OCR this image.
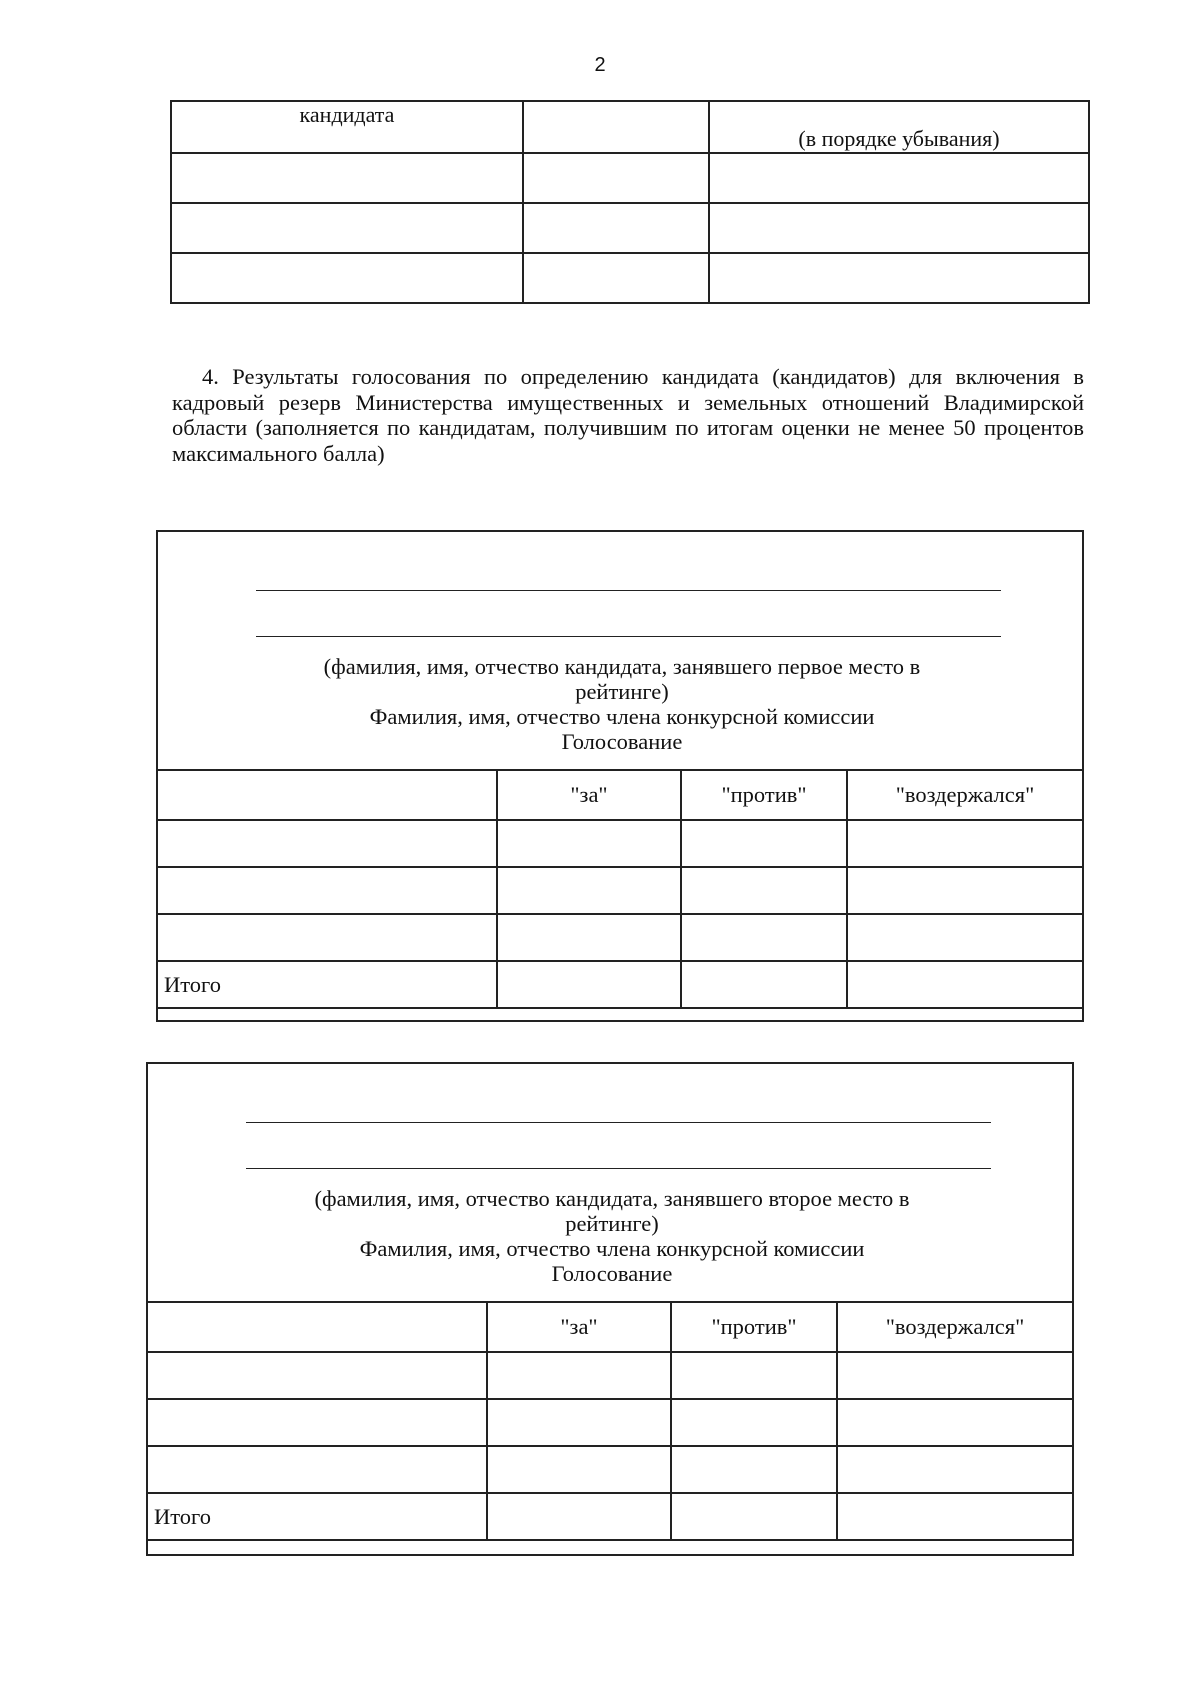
2
кандидата		(в порядке убывания)

4. Результаты голосования по определению кандидата (кандидатов) для включения в кадровый резерв Министерства имущественных и земельных отношений Владимирской области (заполняется по кандидатам, получившим по итогам оценки не менее 50 процентов максимального балла)
(фамилия, имя, отчество кандидата, занявшего первое место в рейтинге)
Фамилия, имя, отчество члена конкурсной комиссии
Голосование
	"за"	"против"	"воздержался"

Итого			
(фамилия, имя, отчество кандидата, занявшего второе место в рейтинге)
Фамилия, имя, отчество члена конкурсной комиссии
Голосование
	"за"	"против"	"воздержался"

Итого			
